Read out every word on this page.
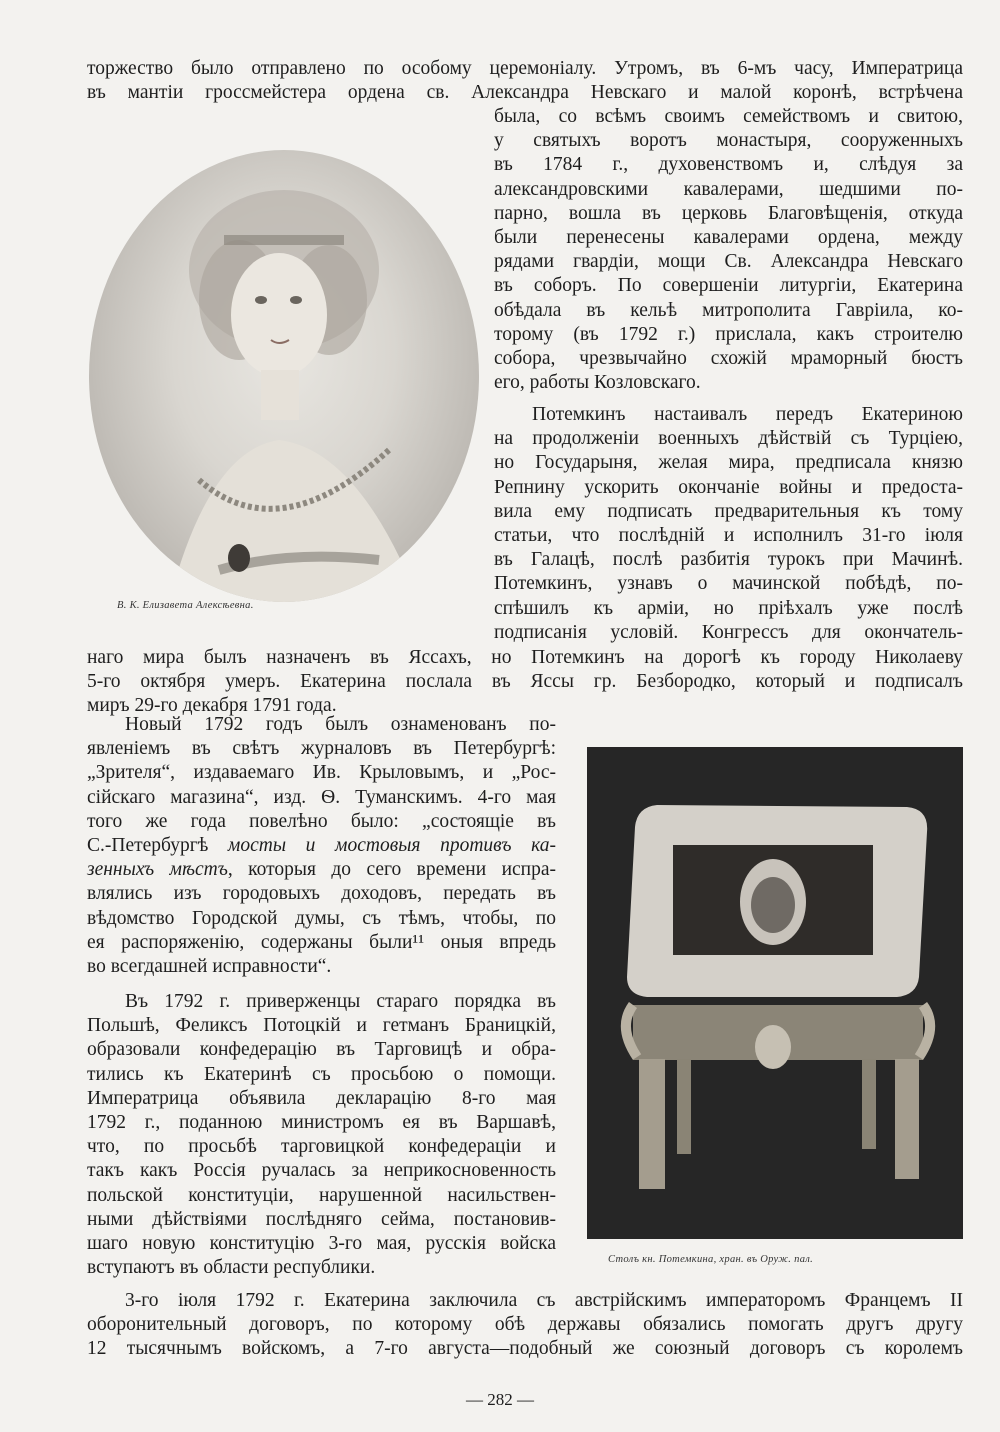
торжество было отправлено по особому церемоніалу. Утромъ, въ 6-мъ часу, Императрица
въ мантіи гроссмейстера ордена св. Александра Невскаго и малой коронѣ, встрѣчена
В. К. Елизавета Алексѣевна.
была, со всѣмъ своимъ семействомъ и свитою,
у святыхъ воротъ монастыря, сооруженныхъ
въ 1784 г., духовенствомъ и, слѣдуя за
александровскими кавалерами, шедшими по-
парно, вошла въ церковь Благовѣщенія, откуда
были перенесены кавалерами ордена, между
рядами гвардіи, мощи Св. Александра Невскаго
въ соборъ. По совершеніи литургіи, Екатерина
обѣдала въ кельѣ митрополита Гавріила, ко-
торому (въ 1792 г.) прислала, какъ строителю
собора, чрезвычайно схожій мраморный бюстъ
его, работы Козловскаго.
Потемкинъ настаивалъ передъ Екатериною
на продолженіи военныхъ дѣйствій съ Турціею,
но Государыня, желая мира, предписала князю
Репнину ускорить окончаніе войны и предоста-
вила ему подписать предварительныя къ тому
статьи, что послѣдній и исполнилъ 31-го іюля
въ Галацѣ, послѣ разбитія турокъ при Мачинѣ.
Потемкинъ, узнавъ о мачинской побѣдѣ, по-
спѣшилъ къ арміи, но пріѣхалъ уже послѣ
подписанія условій. Конгрессъ для окончатель-
наго мира былъ назначенъ въ Яссахъ, но Потемкинъ на дорогѣ къ городу Николаеву
5-го октября умеръ. Екатерина послала въ Яссы гр. Безбородко, который и подписалъ
миръ 29-го декабря 1791 года.
Новый 1792 годъ былъ ознаменованъ по-
явленіемъ въ свѣтъ журналовъ въ Петербургѣ:
„Зрителя“, издаваемаго Ив. Крыловымъ, и „Рос-
сійскаго магазина“, изд. Ѳ. Туманскимъ. 4-го мая
того же года повелѣно было: „состоящіе въ
С.-Петербургѣ мосты и мостовыя противъ ка-
зенныхъ мѣстъ, которыя до сего времени испра-
влялись изъ городовыхъ доходовъ, передать въ
вѣдомство Городской думы, съ тѣмъ, чтобы, по
ея распоряженію, содержаны были¹¹ оныя впредь
во всегдашней исправности“.
Въ 1792 г. приверженцы стараго порядка въ
Польшѣ, Феликсъ Потоцкій и гетманъ Браницкій,
образовали конфедерацію въ Тарговицѣ и обра-
тились къ Екатеринѣ съ просьбою о помощи.
Императрица объявила декларацію 8-го мая
1792 г., поданною министромъ ея въ Варшавѣ,
что, по просьбѣ тарговицкой конфедераціи и
такъ какъ Россія ручалась за неприкосновенность
польской конституціи, нарушенной насильствен-
ными дѣйствіями послѣдняго сейма, постановив-
шаго новую конституцію 3-го мая, русскія войска
вступаютъ въ области республики.	Столъ кн. Потемкина, хран. въ Оруж. пал.
3-го іюля 1792 г. Екатерина заключила съ австрійскимъ императоромъ Францемъ II
оборонительный договоръ, по которому обѣ державы обязались помогать другъ другу
12 тысячнымъ войскомъ, а 7-го августа—подобный же союзный договоръ съ королемъ
— 282 —
